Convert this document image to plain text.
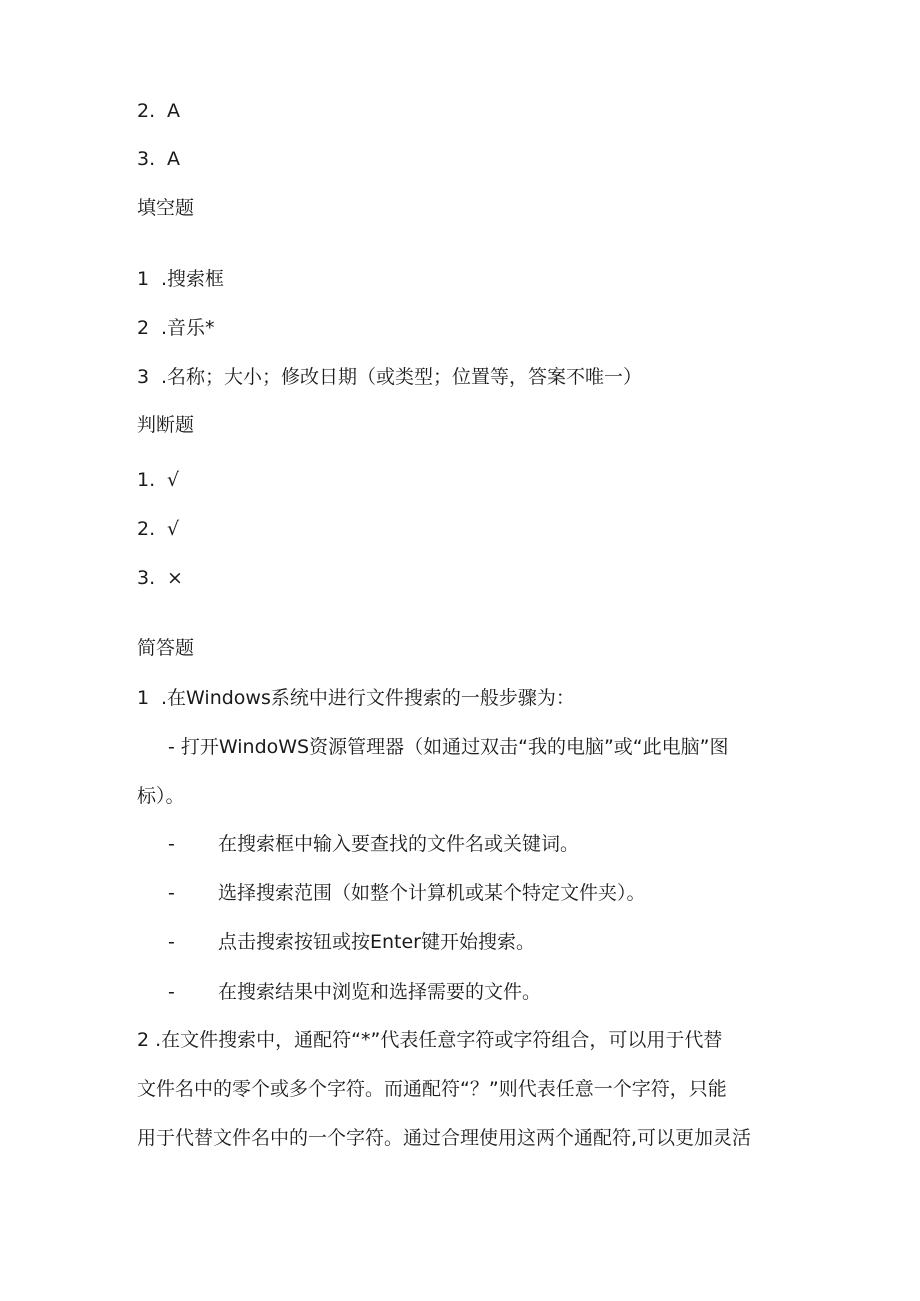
2. A
3. A
填空题
1 .搜索框
2 .音乐*
3 .名称；大小；修改日期（或类型；位置等，答案不唯一）
判断题
1. √
2. √
3. ×
简答题
1 .在Windows系统中进行文件搜索的一般步骤为：
- 打开WindoWS资源管理器（如通过双击“我的电脑”或“此电脑”图
标）。
- 在搜索框中输入要查找的文件名或关键词。
- 选择搜索范围（如整个计算机或某个特定文件夹）。
- 点击搜索按钮或按Enter键开始搜索。
- 在搜索结果中浏览和选择需要的文件。
2 .在文件搜索中，通配符“*”代表任意字符或字符组合，可以用于代替
文件名中的零个或多个字符。而通配符“？”则代表任意一个字符，只能
用于代替文件名中的一个字符。通过合理使用这两个通配符,可以更加灵活
